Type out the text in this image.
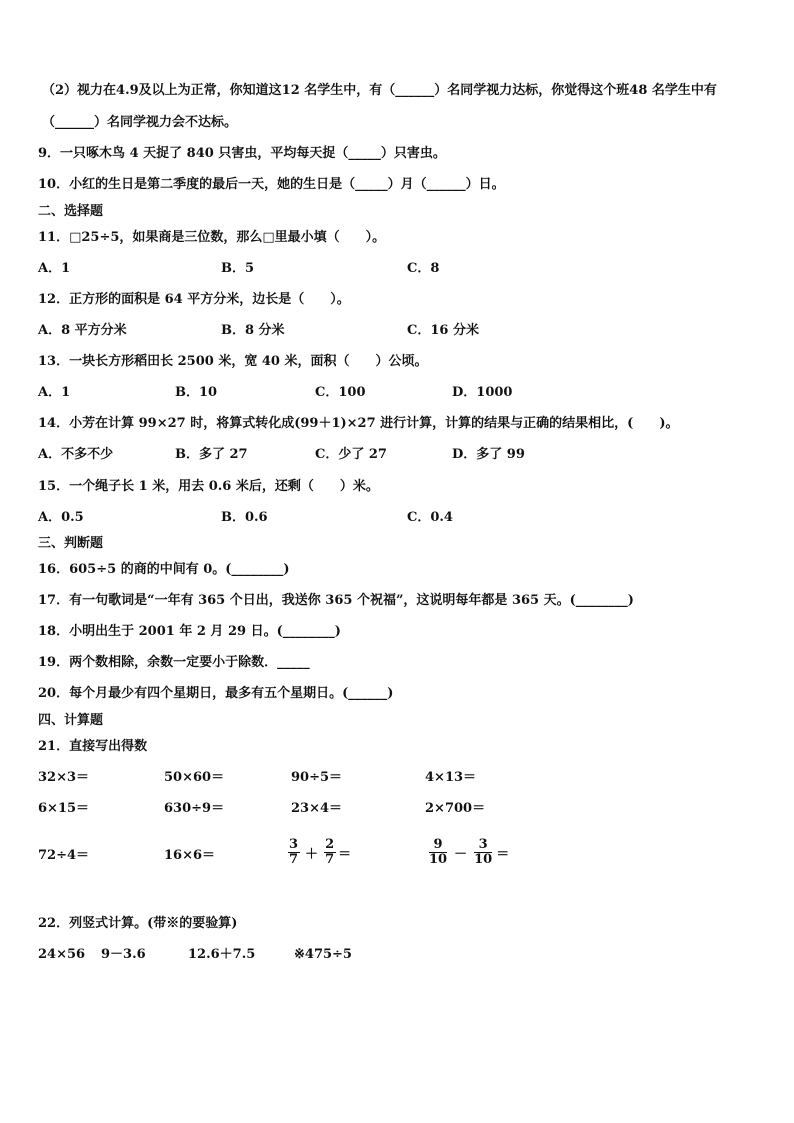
（2）视力在4.9及以上为正常，你知道这12 名学生中，有（______）名同学视力达标，你觉得这个班48 名学生中有
（______）名同学视力会不达标。
9．一只啄木鸟 4 天捉了 840 只害虫，平均每天捉（_____）只害虫。
10．小红的生日是第二季度的最后一天，她的生日是（_____）月（______）日。
二、选择题
11．□25÷5，如果商是三位数，那么□里最小填（　　）。
A．1	B．5	C．8
12．正方形的面积是 64 平方分米，边长是（　　）。
A．8 平方分米	B．8 分米	C．16 分米
13．一块长方形稻田长 2500 米，宽 40 米，面积（　　）公顷。
A．1	B．10	C．100	D．1000
14．小芳在计算 99×27 时，将算式转化成(99＋1)×27 进行计算，计算的结果与正确的结果相比，(　　)。
A．不多不少	B．多了 27	C．少了 27	D．多了 99
15．一个绳子长 1 米，用去 0.6 米后，还剩（　　）米。
A．0.5	B．0.6	C．0.4
三、判断题
16．605÷5 的商的中间有 0。(________)
17．有一句歌词是“一年有 365 个日出，我送你 365 个祝福”，这说明每年都是 365 天。(________)
18．小明出生于 2001 年 2 月 29 日。(________)
19．两个数相除，余数一定要小于除数．_____
20．每个月最少有四个星期日，最多有五个星期日。(______)
四、计算题
21．直接写出得数
32×3＝	50×60＝	90÷5＝	4×13＝
6×15＝	630÷9＝	23×4＝	2×700＝
72÷4＝	16×6＝	$\frac{3}{7} + \frac{2}{7}$ ＝	$\frac{9}{10} - \frac{3}{10}$ ＝
22．列竖式计算。(带※的要验算)
24×56 9－3.6	12.6＋7.5	※475÷5
